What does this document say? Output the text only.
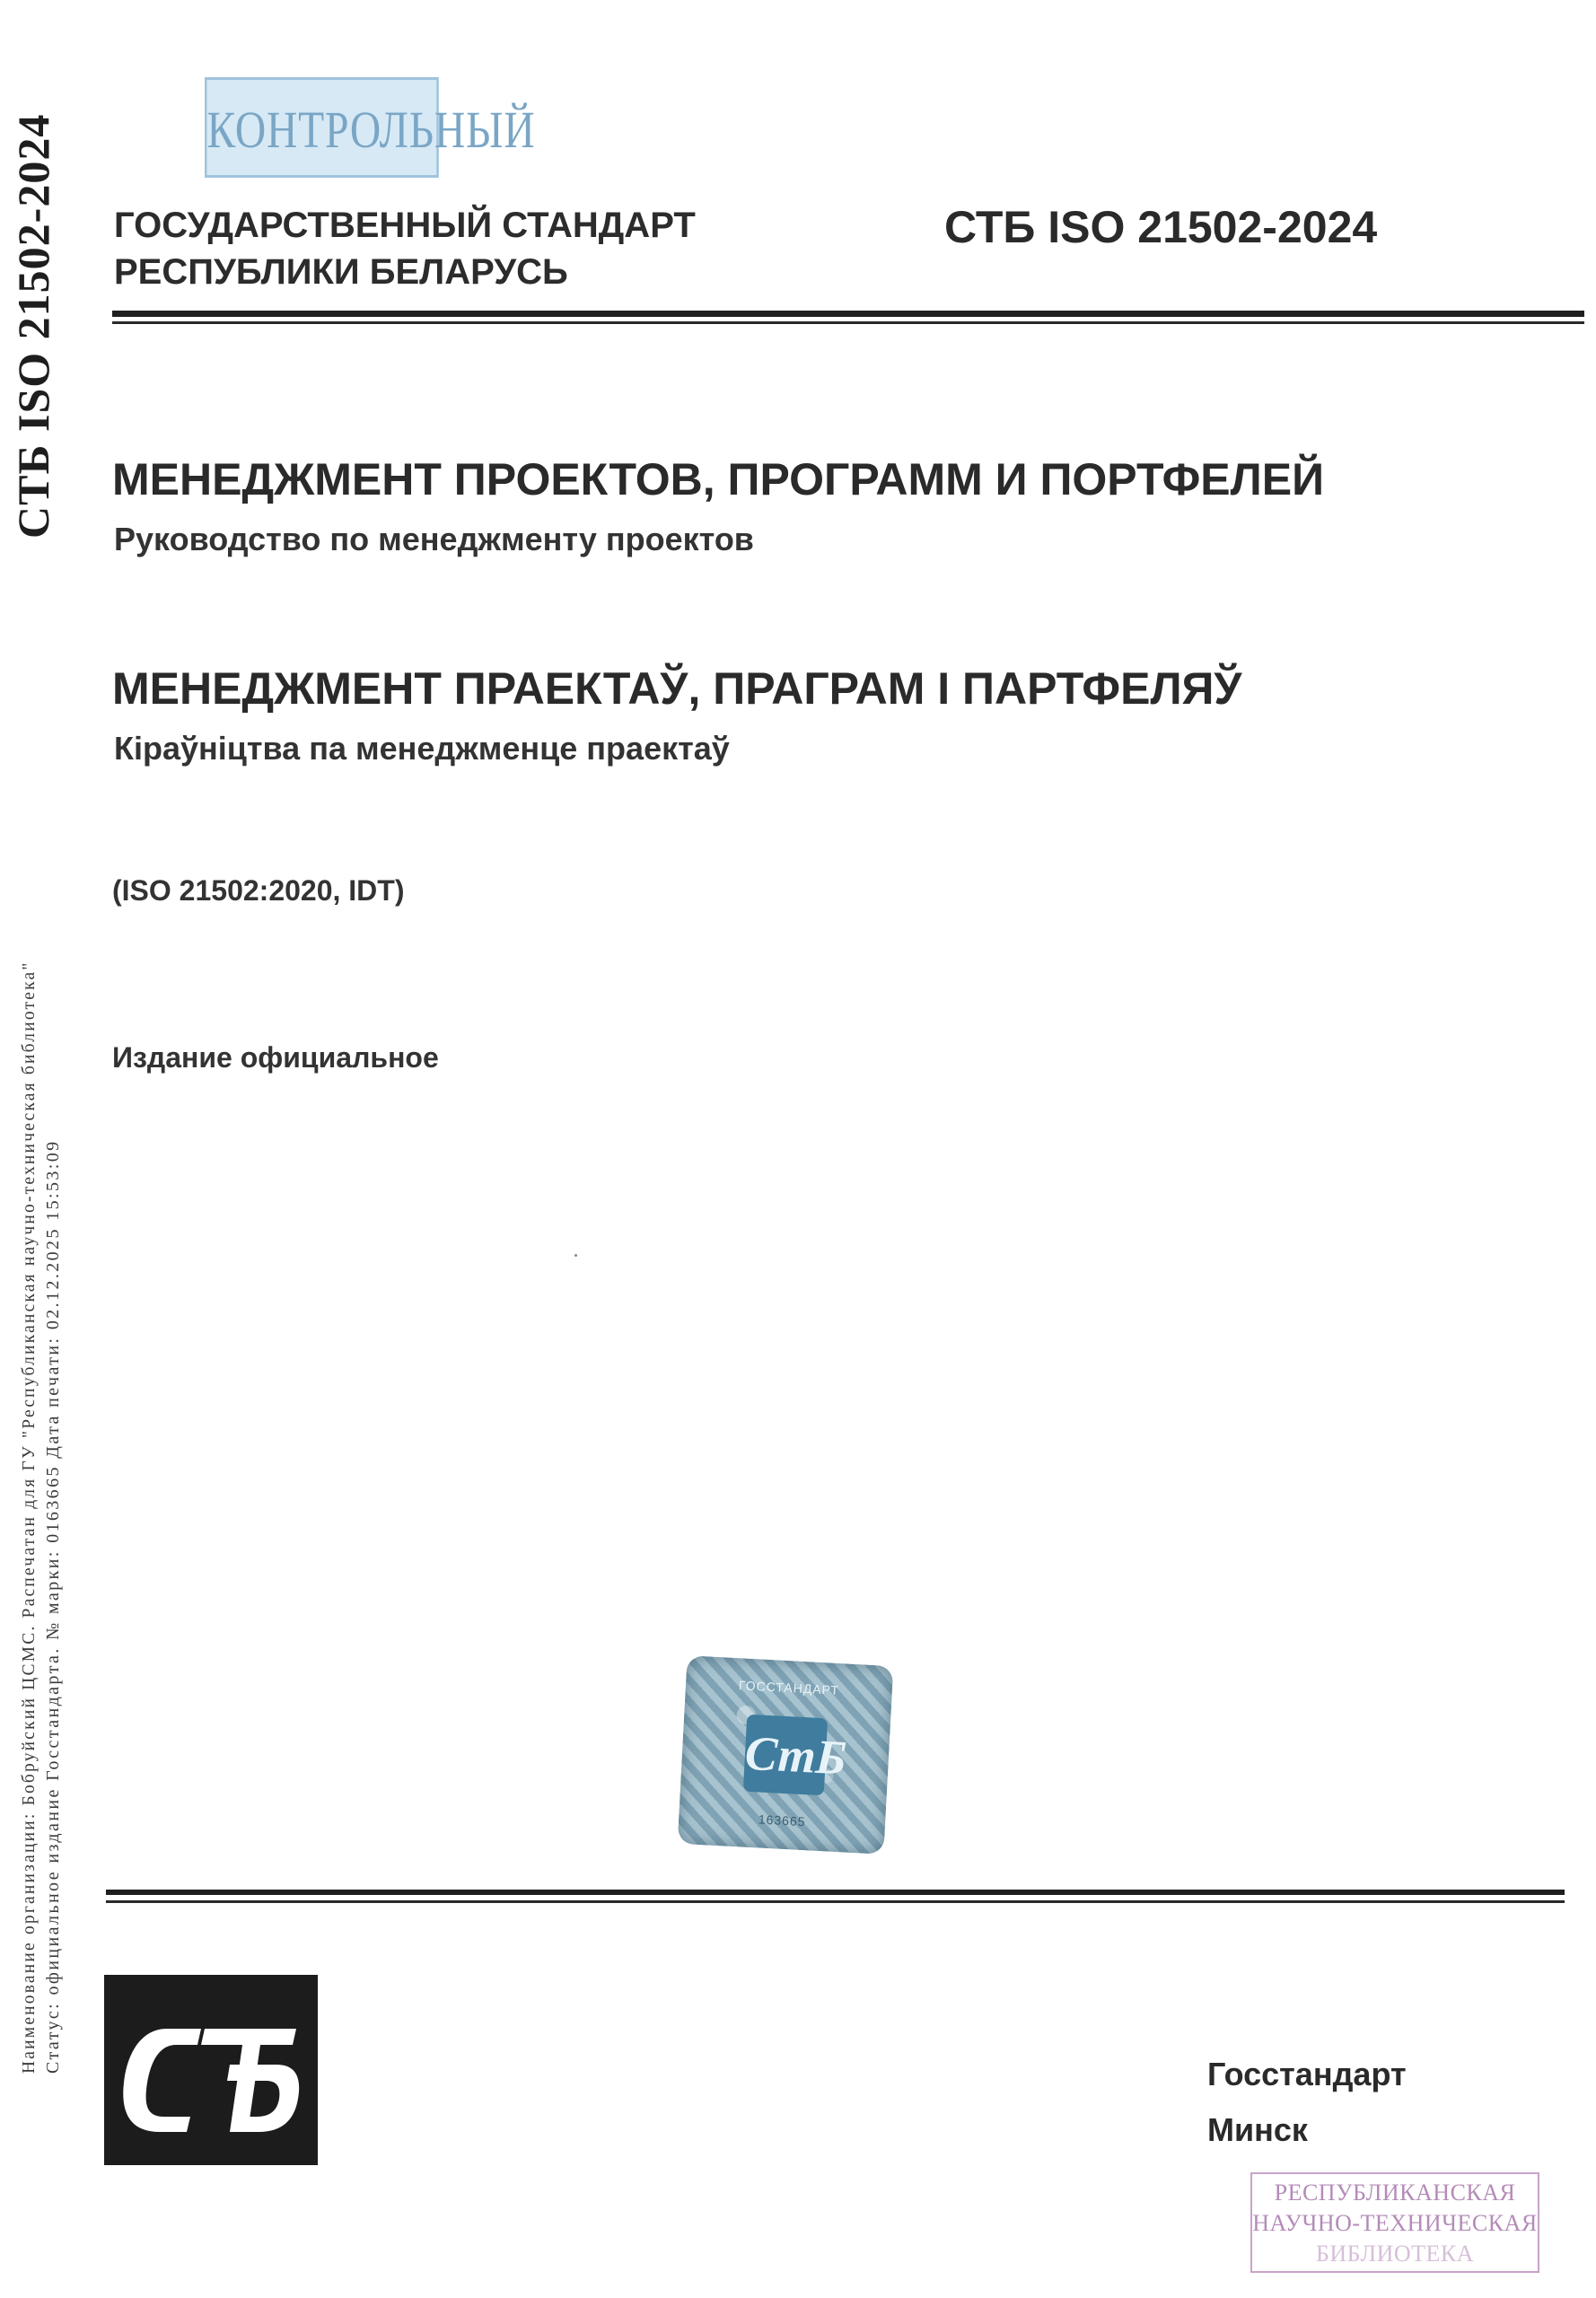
СТБ ISO 21502-2024
Наименование организации: Бобруйский ЦСМС. Распечатан для ГУ "Республиканская научно-техническая библиотека" Статус: официальное издание Госстандарта. № марки: 0163665 Дата печати: 02.12.2025 15:53:09
КОНТРОЛЬНЫЙ
ГОСУДАРСТВЕННЫЙ СТАНДАРТ
РЕСПУБЛИКИ БЕЛАРУСЬ
СТБ ISO 21502-2024
МЕНЕДЖМЕНТ ПРОЕКТОВ, ПРОГРАММ И ПОРТФЕЛЕЙ
Руководство по менеджменту проектов
МЕНЕДЖМЕНТ ПРАЕКТАЎ, ПРАГРАМ І ПАРТФЕЛЯЎ
Кіраўніцтва па менеджменце праектаў
(ISO 21502:2020, IDT)
Издание официальное
ГОССТАНДАРТ
СтБ
163665
Госстандарт
Минск
РЕСПУБЛИКАНСКАЯ
НАУЧНО-ТЕХНИЧЕСКАЯ
БИБЛИОТЕКА
